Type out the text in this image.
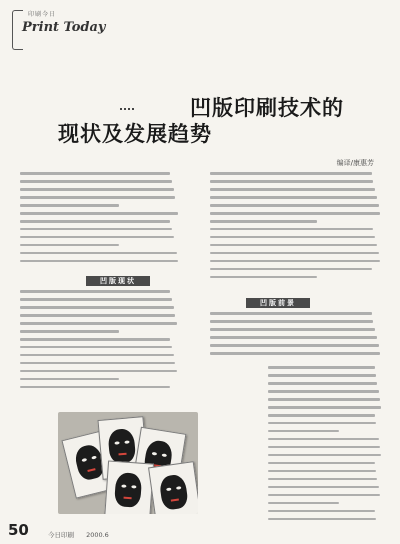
印刷今日
Print Today
凹版印刷技术的
现状及发展趋势
编译/康惠芳
凹版现状
凹版前景
50	今日印刷 2000.6
